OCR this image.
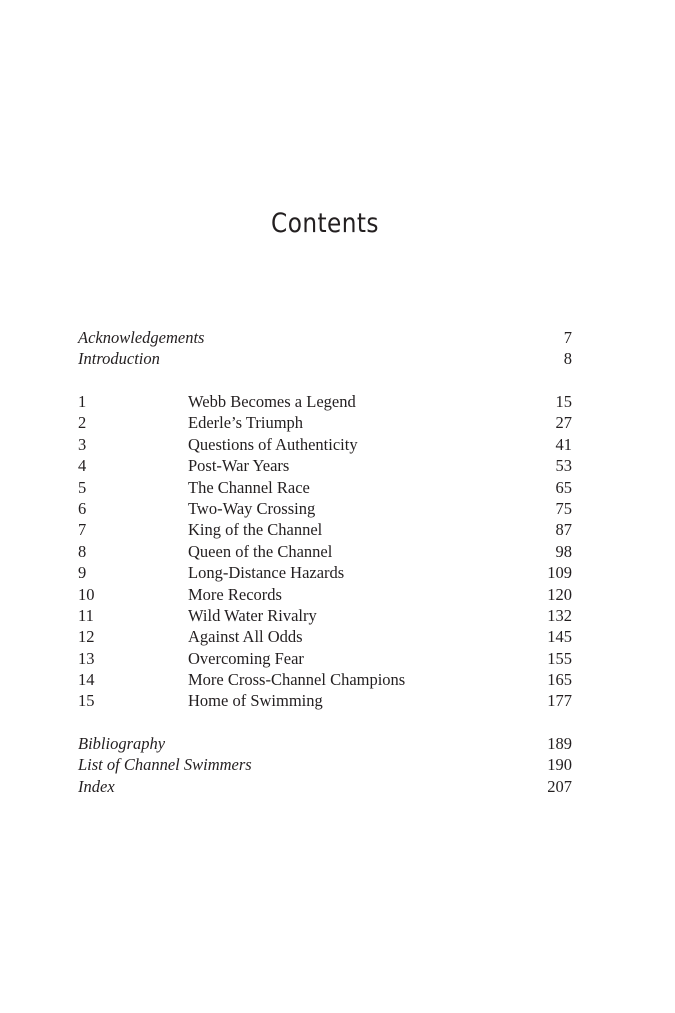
Contents
Acknowledgements	7
Introduction	8
1	Webb Becomes a Legend	15
2	Ederle’s Triumph	27
3	Questions of Authenticity	41
4	Post-War Years	53
5	The Channel Race	65
6	Two-Way Crossing	75
7	King of the Channel	87
8	Queen of the Channel	98
9	Long-Distance Hazards	109
10	More Records	120
11	Wild Water Rivalry	132
12	Against All Odds	145
13	Overcoming Fear	155
14	More Cross-Channel Champions	165
15	Home of Swimming	177
Bibliography	189
List of Channel Swimmers	190
Index	207
